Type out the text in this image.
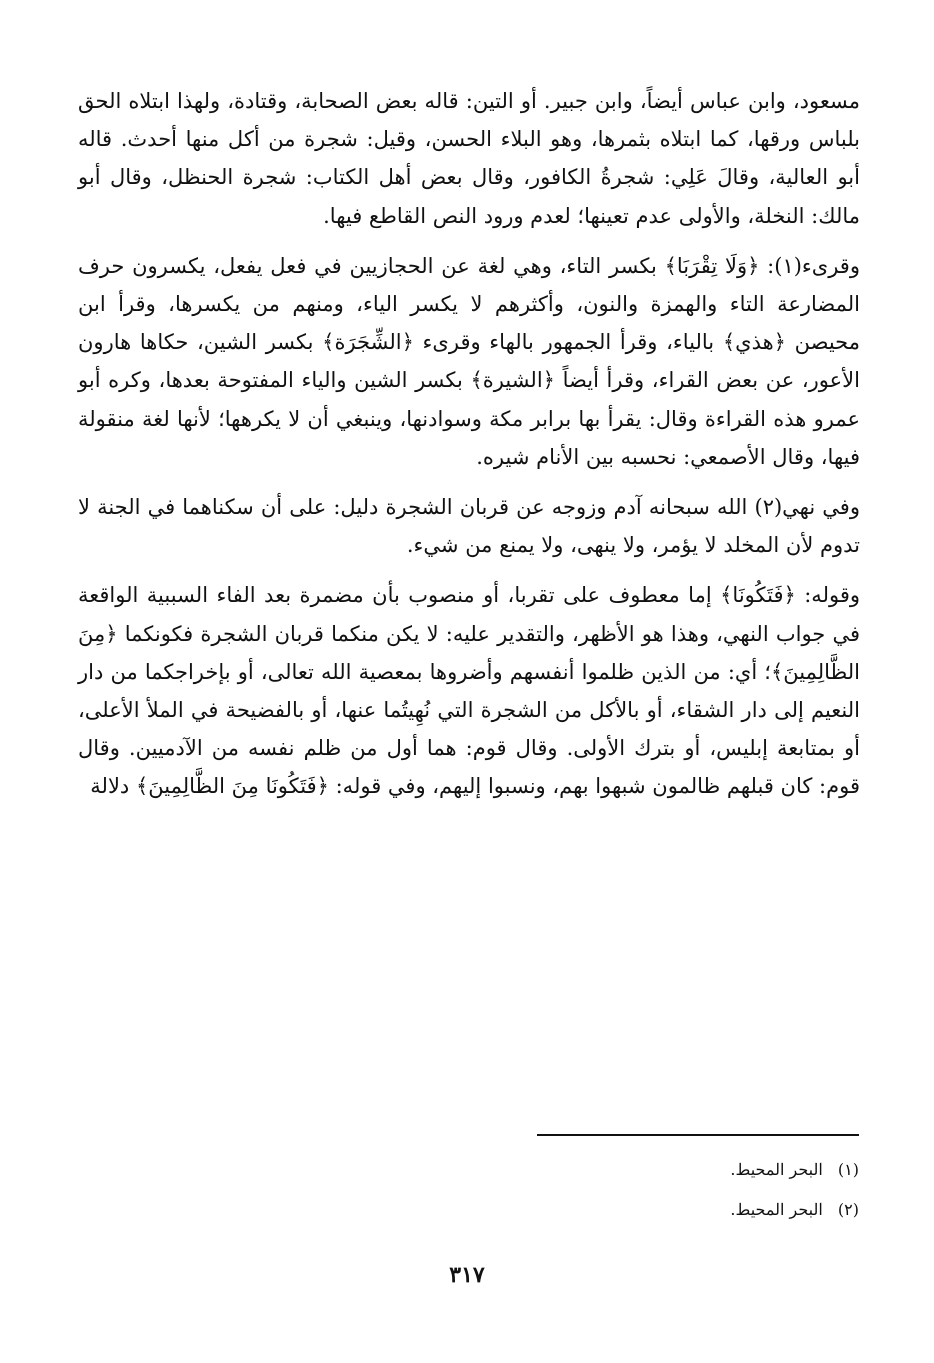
مسعود، وابن عباس أيضاً، وابن جبير. أو التين: قاله بعض الصحابة، وقتادة، ولهذا ابتلاه الحق بلباس ورقها، كما ابتلاه بثمرها، وهو البلاء الحسن، وقيل: شجرة من أكل منها أحدث. قاله أبو العالية، وقالَ عَلِي: شجرةُ الكافور، وقال بعض أهل الكتاب: شجرة الحنظل، وقال أبو مالك: النخلة، والأولى عدم تعينها؛ لعدم ورود النص القاطع فيها.

وقرىء(١): ﴿وَلَا تِقْرَبَا﴾ بكسر التاء، وهي لغة عن الحجازيين في فعل يفعل، يكسرون حرف المضارعة التاء والهمزة والنون، وأكثرهم لا يكسر الياء، ومنهم من يكسرها، وقرأ ابن محيصن ﴿هذي﴾ بالياء، وقرأ الجمهور بالهاء وقرىء ﴿الشِّجَرَة﴾ بكسر الشين، حكاها هارون الأعور، عن بعض القراء، وقرأ أيضاً ﴿الشيرة﴾ بكسر الشين والياء المفتوحة بعدها، وكره أبو عمرو هذه القراءة وقال: يقرأ بها برابر مكة وسوادنها، وينبغي أن لا يكرهها؛ لأنها لغة منقولة فيها، وقال الأصمعي: نحسبه بين الأنام شيره.

وفي نهي(٢) الله سبحانه آدم وزوجه عن قربان الشجرة دليل: على أن سكناهما في الجنة لا تدوم لأن المخلد لا يؤمر، ولا ينهى، ولا يمنع من شيء.

وقوله: ﴿فَتَكُونَا﴾ إما معطوف على تقربا، أو منصوب بأن مضمرة بعد الفاء السببية الواقعة في جواب النهي، وهذا هو الأظهر، والتقدير عليه: لا يكن منكما قربان الشجرة فكونكما ﴿مِنَ الظَّالِمِينَ﴾؛ أي: من الذين ظلموا أنفسهم وأضروها بمعصية الله تعالى، أو بإخراجكما من دار النعيم إلى دار الشقاء، أو بالأكل من الشجرة التي نُهِيتُما عنها، أو بالفضيحة في الملأ الأعلى، أو بمتابعة إبليس، أو بترك الأولى. وقال قوم: هما أول من ظلم نفسه من الآدميين. وقال قوم: كان قبلهم ظالمون شبهوا بهم، ونسبوا إليهم، وفي قوله: ﴿فَتَكُونَا مِنَ الظَّالِمِينَ﴾ دلالة

(١) البحر المحيط.

(٢) البحر المحيط.

٣١٧
